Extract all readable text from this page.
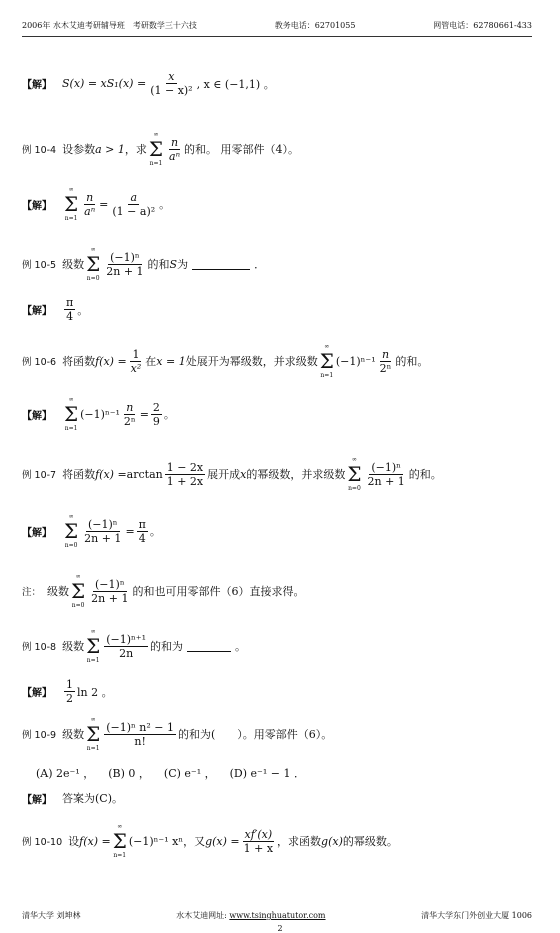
2006年 水木艾迪考研辅导班　考研数学三十六技	教务电话：62701055	网管电话：62780661-433
【解】 $S(x) = xS_1(x) = \frac{x}{\text{(1 − x)²}}$ , x ∈ (−1,1) 。
例 10-4 设参数 a > 1 ，求
∞
Σ
n=1
$\frac{n}{\text{aⁿ}}$ 的和。 用零部件（4）。
【解】
∞
Σ
n=1
$\frac{n}{\text{aⁿ}} = \frac{a}{\text{(1 − a)²}}$ 。
例 10-5 级数
∞
Σ
n=0
$\frac{\text{(−1)ⁿ}}{2n + 1}$ 的和 S 为	．
【解】 $\frac{\pi}{4}$ 。
例 10-6 将函数 $f(x) = \frac{1}{\text{x²}}$ 在 x = 1 处展开为幂级数，并求级数
∞
Σ
n=1
$(-1)^{n-1} \frac{n}{\text{2ⁿ}}$ 的和。
【解】
∞
Σ
n=1
$(-1)^{n-1} \frac{n}{\text{2ⁿ}} = \frac{2}{9}$ 。
例 10-7 将函数 $f(x) = \arctan \frac{1 - 2x}{1 + 2x}$ 展开成 x 的幂级数，并求级数
∞
Σ
n=0
$\frac{\text{(−1)ⁿ}}{2n + 1}$ 的和。
【解】
∞
Σ
n=0
$\frac{\text{(−1)ⁿ}}{2n + 1} = \frac{\pi}{4}$ 。
注： 级数
∞
Σ
n=0
$\frac{\text{(−1)ⁿ}}{2n + 1}$ 的和也可用零部件（6）直接求得。
例 10-8 级数
∞
Σ
n=1
$\frac{\text{(−1)ⁿ⁺¹}}{2n}$ 的和为	。
【解】 $\frac{1}{2}$ ln 2 。
例 10-9 级数
∞
Σ
n=1
$\frac{\text{(−1)ⁿ n² − 1}}{n!}$ 的和为(　　）。用零部件（6）。
(A) 2e⁻¹ ， (B) 0 ， (C) e⁻¹ ， (D) e⁻¹ − 1 ．
【解】 答案为(C)。
例 10-10 设 f(x) =
∞
Σ
n=1
(−1)ⁿ⁻¹ xⁿ ，又 $g(x) = \frac{xf'(x)}{1 + x}$ ，求函数 g(x) 的幂级数。
清华大学 刘坤林	水木艾迪网址: www.tsinghuatutor.com	清华大学东门外创业大厦 1006
2
